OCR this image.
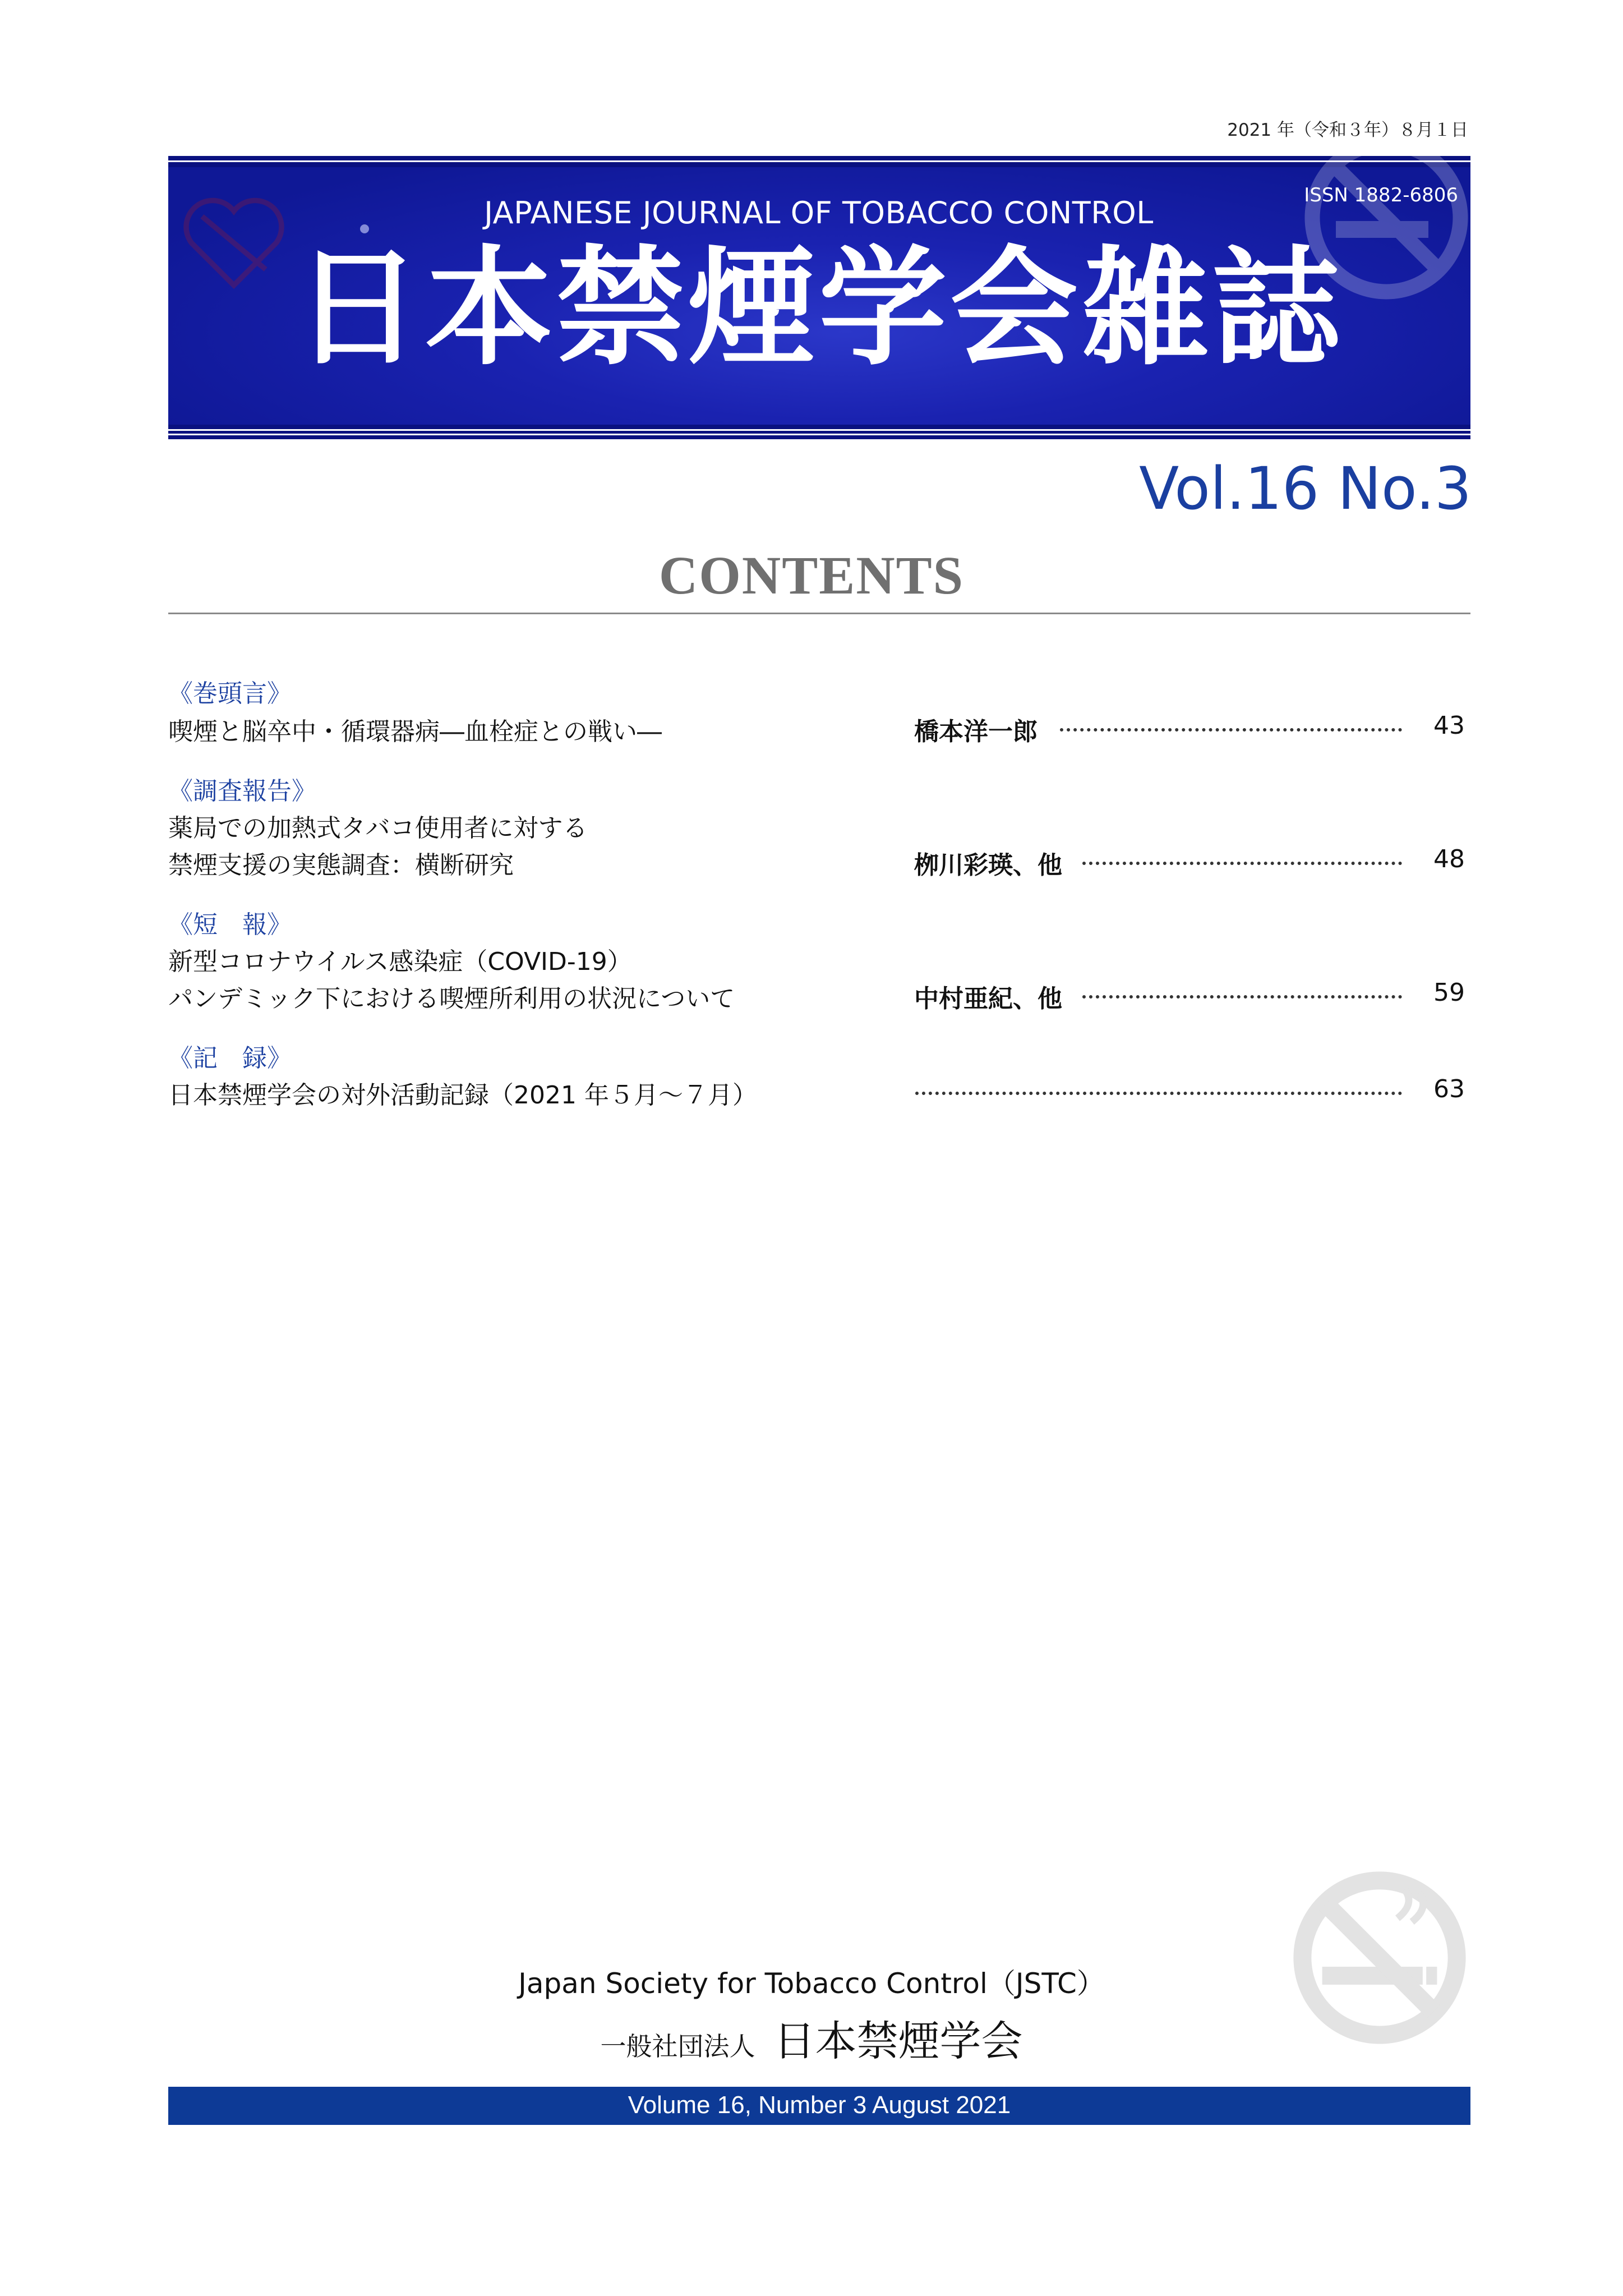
2021 年（令和３年）８月１日
JAPANESE JOURNAL OF TOBACCO CONTROL	ISSN 1882-6806
日本禁煙学会雑誌
Vol.16 No.3
CONTENTS
《巻頭言》
喫煙と脳卒中・循環器病―血栓症との戦い―	橋本洋一郎	43
《調査報告》
薬局での加熱式タバコ使用者に対する
禁煙支援の実態調査：横断研究	栁川彩瑛、他	48
《短　報》
新型コロナウイルス感染症（COVID-19）
パンデミック下における喫煙所利用の状況について	中村亜紀、他	59
《記　録》
日本禁煙学会の対外活動記録（2021 年５月～７月）	63
Japan Society for Tobacco Control（JSTC）
一般社団法人 日本禁煙学会
Volume 16, Number 3 August 2021
